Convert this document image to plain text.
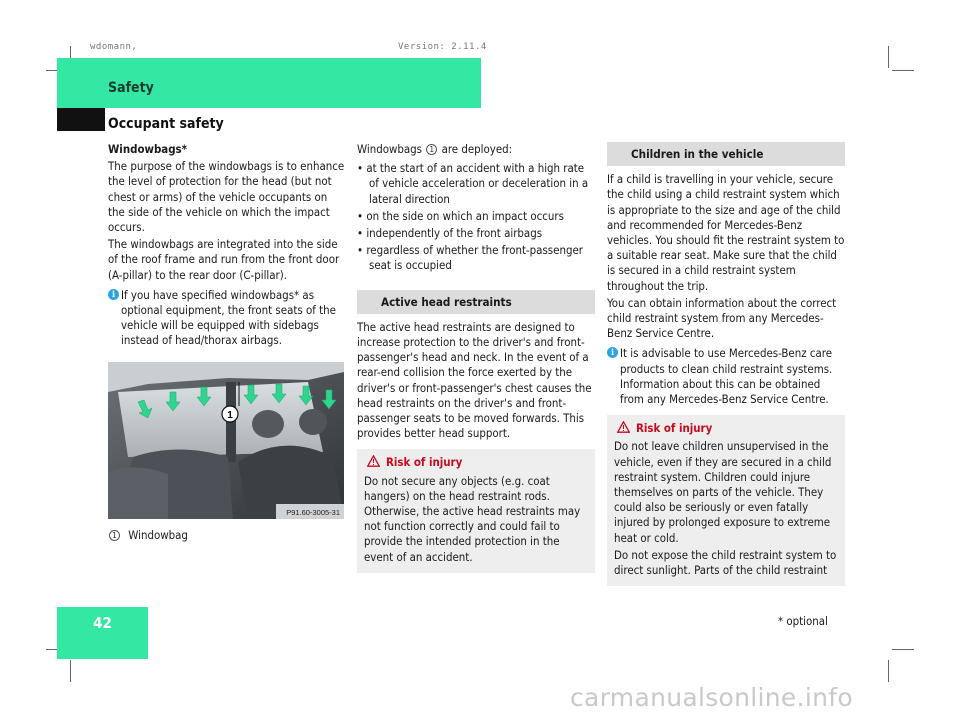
wdomann,	Version: 2.11.4
Safety
Occupant safety
Windowbags*

The purpose of the windowbags is to enhance the level of protection for the head (but not chest or arms) of the vehicle occupants on the side of the vehicle on which the impact occurs.

The windowbags are integrated into the side of the roof frame and run from the front door (A-pillar) to the rear door (C-pillar).

i If you have specified windowbags* as optional equipment, the front seats of the vehicle will be equipped with sidebags instead of head/thorax airbags.
1
P91.60-3005-31
1 Windowbag

Windowbags 1 are deployed:

• at the start of an accident with a high rate of vehicle acceleration or deceleration in a lateral direction

• on the side on which an impact occurs

• independently of the front airbags

• regardless of whether the front-passenger seat is occupied

Active head restraints

The active head restraints are designed to increase protection to the driver's and front-passenger's head and neck. In the event of a rear-end collision the force exerted by the driver's or front-passenger's chest causes the head restraints on the driver's and front-passenger seats to be moved forwards. This provides better head support.

Risk of injury

Do not secure any objects (e.g. coat hangers) on the head restraint rods. Otherwise, the active head restraints may not function correctly and could fail to provide the intended protection in the event of an accident.

Children in the vehicle

If a child is travelling in your vehicle, secure the child using a child restraint system which is appropriate to the size and age of the child and recommended for Mercedes-Benz vehicles. You should fit the restraint system to a suitable rear seat. Make sure that the child is secured in a child restraint system throughout the trip.

You can obtain information about the correct child restraint system from any Mercedes-Benz Service Centre.

i It is advisable to use Mercedes-Benz care products to clean child restraint systems. Information about this can be obtained from any Mercedes-Benz Service Centre.
Risk of injury

Do not leave children unsupervised in the vehicle, even if they are secured in a child restraint system. Children could injure themselves on parts of the vehicle. They could also be seriously or even fatally injured by prolonged exposure to extreme heat or cold.

Do not expose the child restraint system to direct sunlight. Parts of the child restraint

42	* optional
carmanualsonline.info
